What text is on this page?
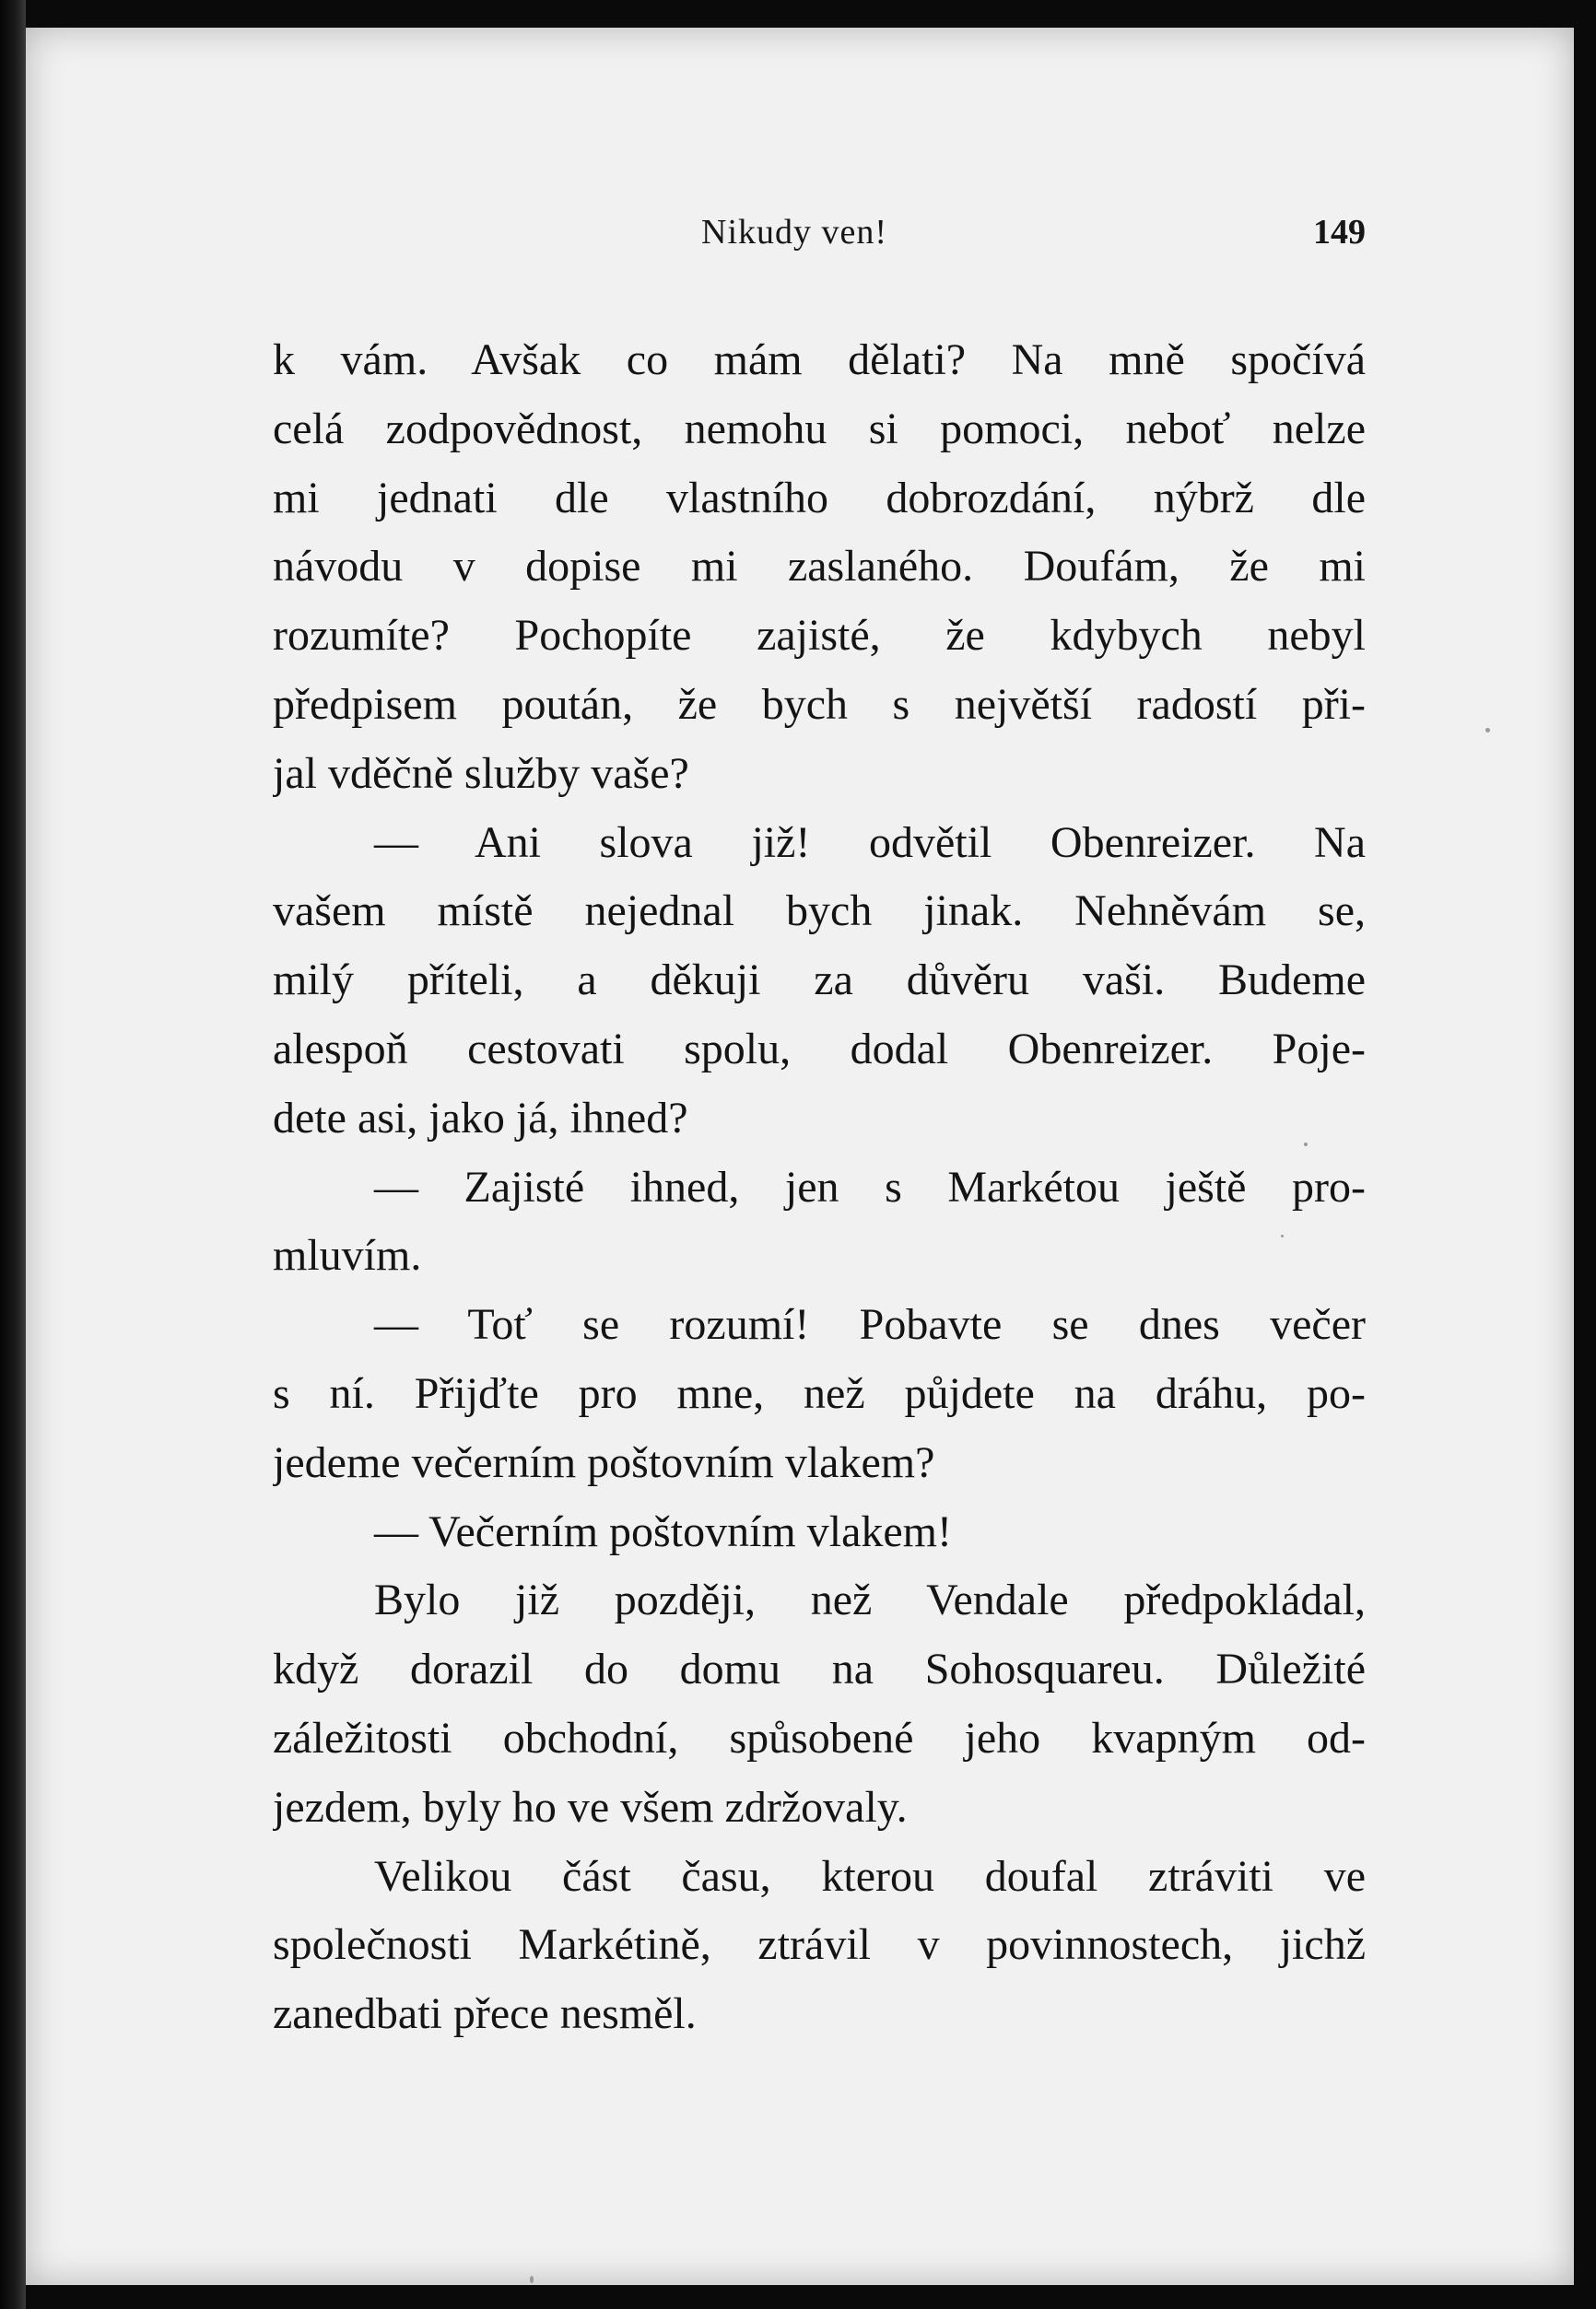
Nikudy ven!	149
k vám. Avšak co mám dělati? Na mně spočívá
celá zodpovědnost, nemohu si pomoci, neboť nelze
mi jednati dle vlastního dobrozdání, nýbrž dle
návodu v dopise mi zaslaného. Doufám, že mi
rozumíte? Pochopíte zajisté, že kdybych nebyl
předpisem poután, že bych s největší radostí při-
jal vděčně služby vaše?
— Ani slova již! odvětil Obenreizer. Na
vašem místě nejednal bych jinak. Nehněvám se,
milý příteli, a děkuji za důvěru vaši. Budeme
alespoň cestovati spolu, dodal Obenreizer. Poje-
dete asi, jako já, ihned?
— Zajisté ihned, jen s Markétou ještě pro-
mluvím.
— Toť se rozumí! Pobavte se dnes večer
s ní. Přijďte pro mne, než půjdete na dráhu, po-
jedeme večerním poštovním vlakem?
— Večerním poštovním vlakem!
Bylo již později, než Vendale předpokládal,
když dorazil do domu na Sohosquareu. Důležité
záležitosti obchodní, spůsobené jeho kvapným od-
jezdem, byly ho ve všem zdržovaly.
Velikou část času, kterou doufal ztráviti ve
společnosti Markétině, ztrávil v povinnostech, jichž
zanedbati přece nesměl.
